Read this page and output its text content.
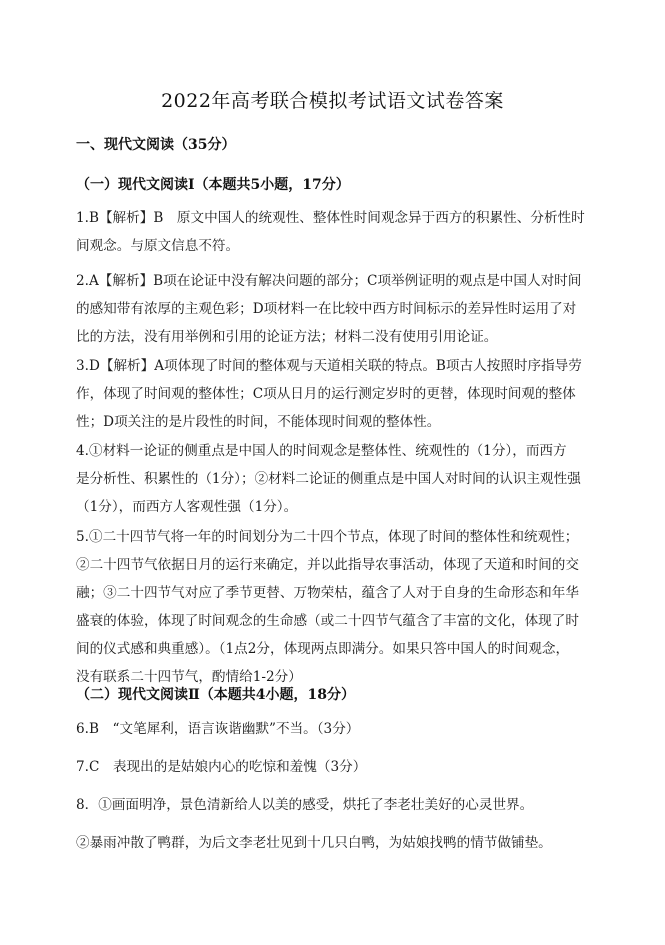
2022年高考联合模拟考试语文试卷答案
一、现代文阅读（35分）
（一）现代文阅读Ⅰ（本题共5小题，17分）

1.B【解析】B　原文中国人的统观性、整体性时间观念异于西方的积累性、分析性时
间观念。与原文信息不符。

2.A【解析】B项在论证中没有解决问题的部分；C项举例证明的观点是中国人对时间
的感知带有浓厚的主观色彩；D项材料一在比较中西方时间标示的差异性时运用了对
比的方法，没有用举例和引用的论证方法；材料二没有使用引用论证。

3.D【解析】A项体现了时间的整体观与天道相关联的特点。B项古人按照时序指导劳
作，体现了时间观的整体性；C项从日月的运行测定岁时的更替，体现时间观的整体
性；D项关注的是片段性的时间，不能体现时间观的整体性。

4.①材料一论证的侧重点是中国人的时间观念是整体性、统观性的（1分），而西方
是分析性、积累性的（1分）；②材料二论证的侧重点是中国人对时间的认识主观性强
（1分），而西方人客观性强（1分）。

5.①二十四节气将一年的时间划分为二十四个节点，体现了时间的整体性和统观性；
②二十四节气依据日月的运行来确定，并以此指导农事活动，体现了天道和时间的交
融；③二十四节气对应了季节更替、万物荣枯，蕴含了人对于自身的生命形态和年华
盛衰的体验，体现了时间观念的生命感（或二十四节气蕴含了丰富的文化，体现了时
间的仪式感和典重感）。（1点2分，体现两点即满分。如果只答中国人的时间观念，
没有联系二十四节气，酌情给1-2分）

（二）现代文阅读Ⅱ（本题共4小题，18分）

6.B　“文笔犀利，语言诙谐幽默”不当。（3分）

7.C　表现出的是姑娘内心的吃惊和羞愧（3分）

8．①画面明净，景色清新给人以美的感受，烘托了李老壮美好的心灵世界。

②暴雨冲散了鸭群，为后文李老壮见到十几只白鸭，为姑娘找鸭的情节做铺垫。
